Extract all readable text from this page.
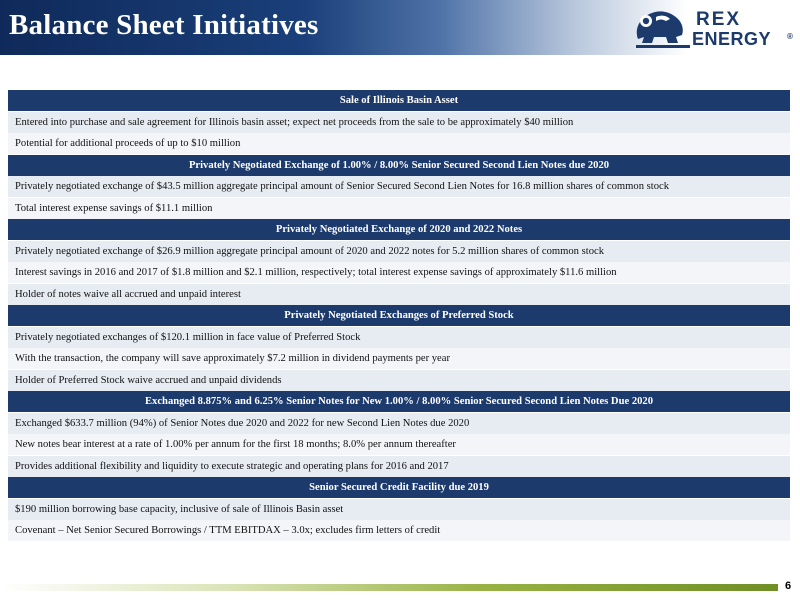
Balance Sheet Initiatives	REX
ENERGY ®
Sale of Illinois Basin Asset
Entered into purchase and sale agreement for Illinois basin asset; expect net proceeds from the sale to be approximately $40 million
Potential for additional proceeds of up to $10 million
Privately Negotiated Exchange of 1.00% / 8.00% Senior Secured Second Lien Notes due 2020
Privately negotiated exchange of $43.5 million aggregate principal amount of Senior Secured Second Lien Notes for 16.8 million shares of common stock
Total interest expense savings of $11.1 million
Privately Negotiated Exchange of 2020 and 2022 Notes
Privately negotiated exchange of $26.9 million aggregate principal amount of 2020 and 2022 notes for 5.2 million shares of common stock
Interest savings in 2016 and 2017 of $1.8 million and $2.1 million, respectively; total interest expense savings of approximately $11.6 million
Holder of notes waive all accrued and unpaid interest
Privately Negotiated Exchanges of Preferred Stock
Privately negotiated exchanges of $120.1 million in face value of Preferred Stock
With the transaction, the company will save approximately $7.2 million in dividend payments per year
Holder of Preferred Stock waive accrued and unpaid dividends
Exchanged 8.875% and 6.25% Senior Notes for New 1.00% / 8.00% Senior Secured Second Lien Notes Due 2020
Exchanged $633.7 million (94%) of Senior Notes due 2020 and 2022 for new Second Lien Notes due 2020
New notes bear interest at a rate of 1.00% per annum for the first 18 months; 8.0% per annum thereafter
Provides additional flexibility and liquidity to execute strategic and operating plans for 2016 and 2017
Senior Secured Credit Facility due 2019
$190 million borrowing base capacity, inclusive of sale of Illinois Basin asset
Covenant – Net Senior Secured Borrowings / TTM EBITDAX – 3.0x; excludes firm letters of credit
6
